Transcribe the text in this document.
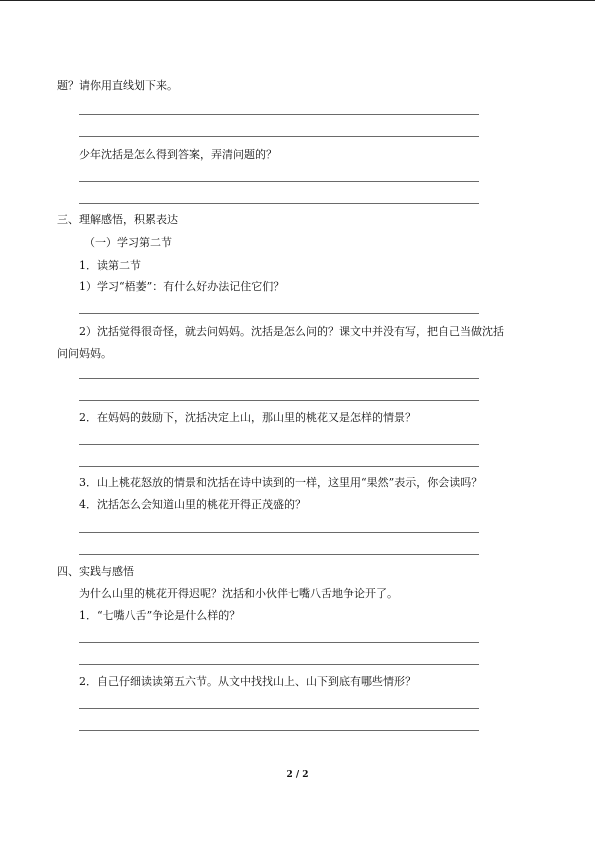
题？请你用直线划下来。
少年沈括是怎么得到答案，弄清问题的？
三、理解感悟，积累表达
（一）学习第二节
1．读第二节
1）学习“梧萎”：有什么好办法记住它们？
2）沈括觉得很奇怪，就去问妈妈。沈括是怎么问的？课文中并没有写，把自己当做沈括
问问妈妈。
2．在妈妈的鼓励下，沈括决定上山，那山里的桃花又是怎样的情景？
3．山上桃花怒放的情景和沈括在诗中读到的一样，这里用“果然”表示，你会读吗？
4．沈括怎么会知道山里的桃花开得正茂盛的？
四、实践与感悟
为什么山里的桃花开得迟呢？沈括和小伙伴七嘴八舌地争论开了。
1．“七嘴八舌”争论是什么样的？
2．自己仔细读读第五六节。从文中找找山上、山下到底有哪些情形？
2 / 2
